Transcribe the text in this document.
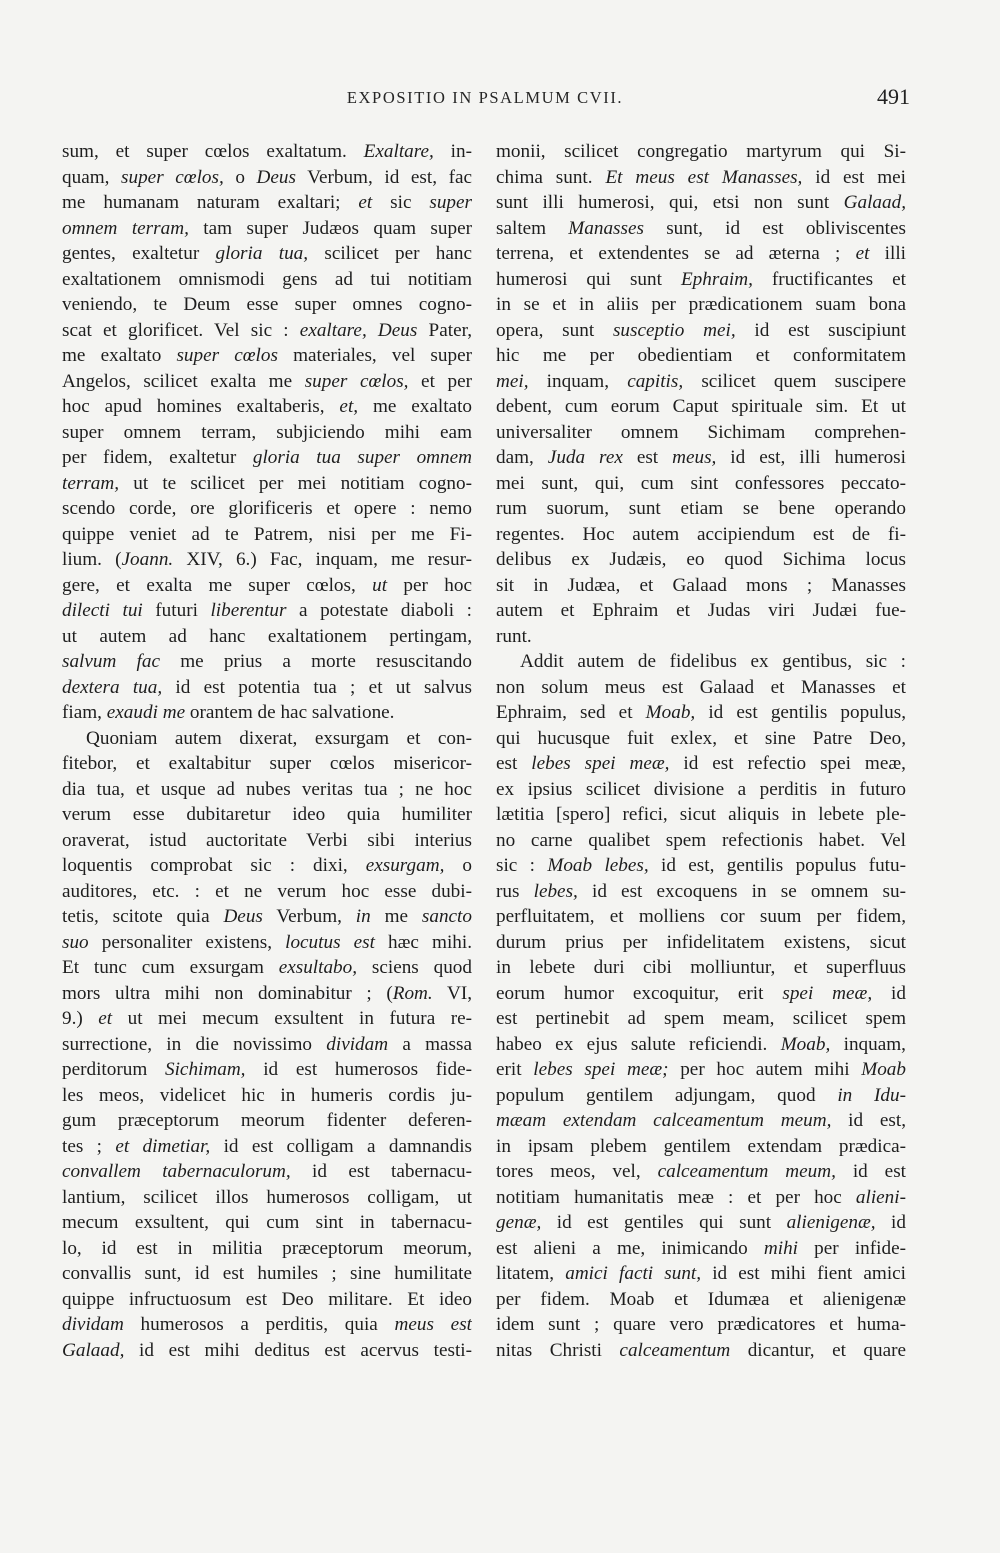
EXPOSITIO IN PSALMUM CVII.	491
sum, et super cœlos exaltatum. Exaltare, in-
quam, super cœlos, o Deus Verbum, id est, fac
me humanam naturam exaltari; et sic super
omnem terram, tam super Judæos quam super
gentes, exaltetur gloria tua, scilicet per hanc
exaltationem omnismodi gens ad tui notitiam
veniendo, te Deum esse super omnes cogno-
scat et glorificet. Vel sic : exaltare, Deus Pater,
me exaltato super cœlos materiales, vel super
Angelos, scilicet exalta me super cœlos, et per
hoc apud homines exaltaberis, et, me exaltato
super omnem terram, subjiciendo mihi eam
per fidem, exaltetur gloria tua super omnem
terram, ut te scilicet per mei notitiam cogno-
scendo corde, ore glorificeris et opere : nemo
quippe veniet ad te Patrem, nisi per me Fi-
lium. (Joann. XIV, 6.) Fac, inquam, me resur-
gere, et exalta me super cœlos, ut per hoc
dilecti tui futuri liberentur a potestate diaboli :
ut autem ad hanc exaltationem pertingam,
salvum fac me prius a morte resuscitando
dextera tua, id est potentia tua ; et ut salvus
fiam, exaudi me orantem de hac salvatione.
Quoniam autem dixerat, exsurgam et con-
fitebor, et exaltabitur super cœlos misericor-
dia tua, et usque ad nubes veritas tua ; ne hoc
verum esse dubitaretur ideo quia humiliter
oraverat, istud auctoritate Verbi sibi interius
loquentis comprobat sic : dixi, exsurgam, o
auditores, etc. : et ne verum hoc esse dubi-
tetis, scitote quia Deus Verbum, in me sancto
suo personaliter existens, locutus est hæc mihi.
Et tunc cum exsurgam exsultabo, sciens quod
mors ultra mihi non dominabitur ; (Rom. VI,
9.) et ut mei mecum exsultent in futura re-
surrectione, in die novissimo dividam a massa
perditorum Sichimam, id est humerosos fide-
les meos, videlicet hic in humeris cordis ju-
gum præceptorum meorum fidenter deferen-
tes ; et dimetiar, id est colligam a damnandis
convallem tabernaculorum, id est tabernacu-
lantium, scilicet illos humerosos colligam, ut
mecum exsultent, qui cum sint in tabernacu-
lo, id est in militia præceptorum meorum,
convallis sunt, id est humiles ; sine humilitate
quippe infructuosum est Deo militare. Et ideo
dividam humerosos a perditis, quia meus est
Galaad, id est mihi deditus est acervus testi-
monii, scilicet congregatio martyrum qui Si-
chima sunt. Et meus est Manasses, id est mei
sunt illi humerosi, qui, etsi non sunt Galaad,
saltem Manasses sunt, id est obliviscentes
terrena, et extendentes se ad æterna ; et illi
humerosi qui sunt Ephraim, fructificantes et
in se et in aliis per prædicationem suam bona
opera, sunt susceptio mei, id est suscipiunt
hic me per obedientiam et conformitatem
mei, inquam, capitis, scilicet quem suscipere
debent, cum eorum Caput spirituale sim. Et ut
universaliter omnem Sichimam comprehen-
dam, Juda rex est meus, id est, illi humerosi
mei sunt, qui, cum sint confessores peccato-
rum suorum, sunt etiam se bene operando
regentes. Hoc autem accipiendum est de fi-
delibus ex Judæis, eo quod Sichima locus
sit in Judæa, et Galaad mons ; Manasses
autem et Ephraim et Judas viri Judæi fue-
runt.
Addit autem de fidelibus ex gentibus, sic :
non solum meus est Galaad et Manasses et
Ephraim, sed et Moab, id est gentilis populus,
qui hucusque fuit exlex, et sine Patre Deo,
est lebes spei meæ, id est refectio spei meæ,
ex ipsius scilicet divisione a perditis in futuro
lætitia [spero] refici, sicut aliquis in lebete ple-
no carne qualibet spem refectionis habet. Vel
sic : Moab lebes, id est, gentilis populus futu-
rus lebes, id est excoquens in se omnem su-
perfluitatem, et molliens cor suum per fidem,
durum prius per infidelitatem existens, sicut
in lebete duri cibi molliuntur, et superfluus
eorum humor excoquitur, erit spei meæ, id
est pertinebit ad spem meam, scilicet spem
habeo ex ejus salute reficiendi. Moab, inquam,
erit lebes spei meæ; per hoc autem mihi Moab
populum gentilem adjungam, quod in Idu-
mæam extendam calceamentum meum, id est,
in ipsam plebem gentilem extendam prædica-
tores meos, vel, calceamentum meum, id est
notitiam humanitatis meæ : et per hoc alieni-
genæ, id est gentiles qui sunt alienigenæ, id
est alieni a me, inimicando mihi per infide-
litatem, amici facti sunt, id est mihi fient amici
per fidem. Moab et Idumæa et alienigenæ
idem sunt ; quare vero prædicatores et huma-
nitas Christi calceamentum dicantur, et quare
